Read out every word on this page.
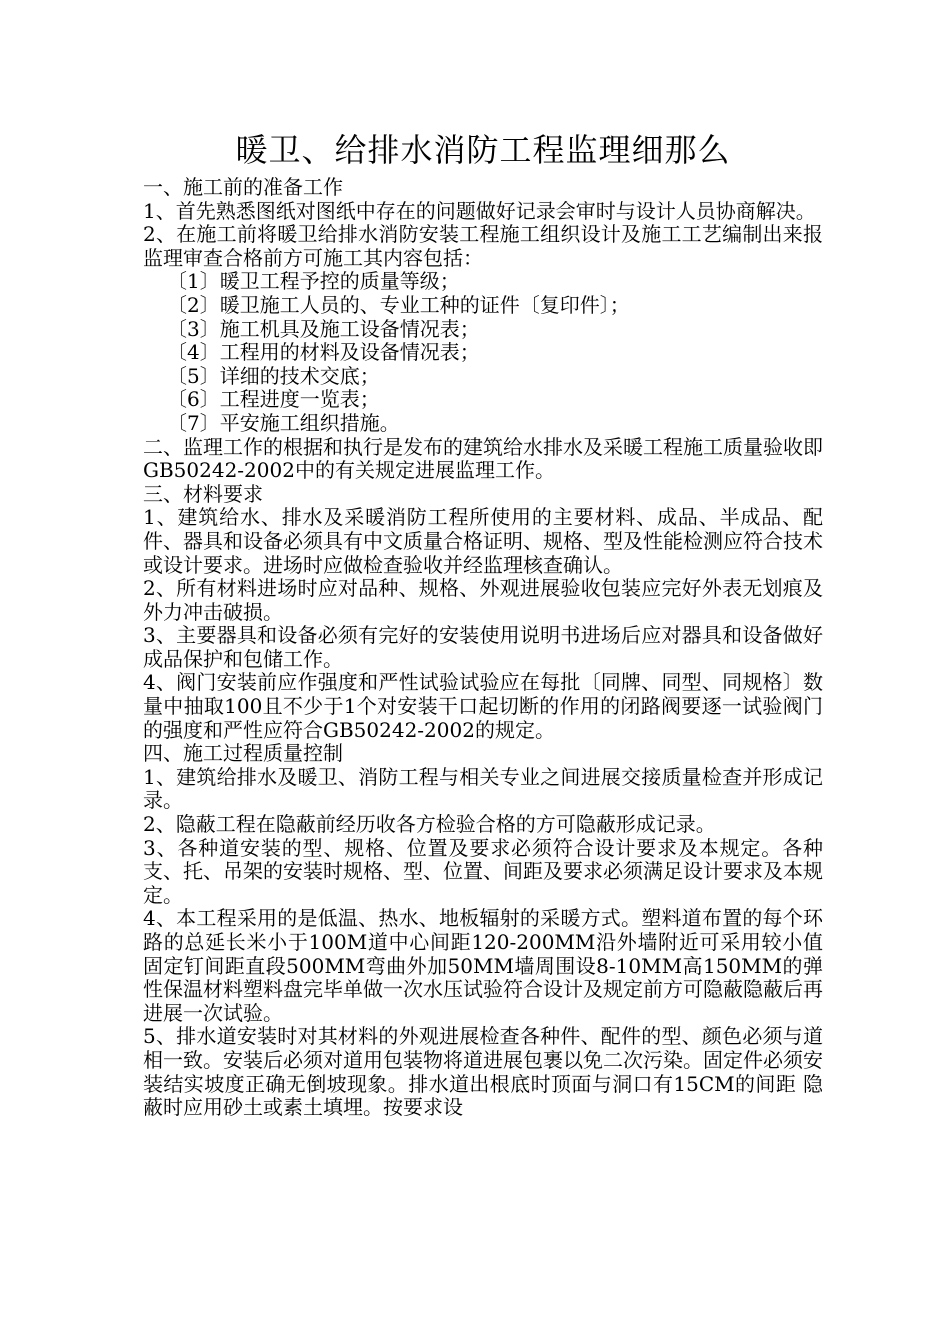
暖卫、给排水消防工程监理细那么

一、施工前的准备工作

1、首先熟悉图纸对图纸中存在的问题做好记录会审时与设计人员协商解决。

2、在施工前将暖卫给排水消防安装工程施工组织设计及施工工艺编制出来报监理审查合格前方可施工其内容包括：

〔1〕暖卫工程予控的质量等级；

〔2〕暖卫施工人员的、专业工种的证件〔复印件〕；

〔3〕施工机具及施工设备情况表；

〔4〕工程用的材料及设备情况表；

〔5〕详细的技术交底；

〔6〕工程进度一览表；

〔7〕平安施工组织措施。

二、监理工作的根据和执行是发布的建筑给水排水及采暖工程施工质量验收即GB50242-2002中的有关规定进展监理工作。

三、材料要求

1、建筑给水、排水及采暖消防工程所使用的主要材料、成品、半成品、配件、器具和设备必须具有中文质量合格证明、规格、型及性能检测应符合技术或设计要求。进场时应做检查验收并经监理核查确认。

2、所有材料进场时应对品种、规格、外观进展验收包装应完好外表无划痕及外力冲击破损。

3、主要器具和设备必须有完好的安装使用说明书进场后应对器具和设备做好成品保护和包储工作。

4、阀门安装前应作强度和严性试验试验应在每批〔同牌、同型、同规格〕数量中抽取100且不少于1个对安装干口起切断的作用的闭路阀要逐一试验阀门的强度和严性应符合GB50242-2002的规定。

四、施工过程质量控制

1、建筑给排水及暖卫、消防工程与相关专业之间进展交接质量检查并形成记录。

2、隐蔽工程在隐蔽前经历收各方检验合格的方可隐蔽形成记录。

3、各种道安装的型、规格、位置及要求必须符合设计要求及本规定。各种支、托、吊架的安装时规格、型、位置、间距及要求必须满足设计要求及本规定。

4、本工程采用的是低温、热水、地板辐射的采暖方式。塑料道布置的每个环路的总延长米小于100M道中心间距120-200MM沿外墙附近可采用较小值固定钉间距直段500MM弯曲外加50MM墙周围设8-10MM高150MM的弹性保温材料塑料盘完毕单做一次水压试验符合设计及规定前方可隐蔽隐蔽后再进展一次试验。

5、排水道安装时对其材料的外观进展检查各种件、配件的型、颜色必须与道相一致。安装后必须对道用包装物将道进展包裹以免二次污染。固定件必须安装结实坡度正确无倒坡现象。排水道出根底时顶面与洞口有15CM的间距 隐蔽时应用砂土或素土填埋。按要求设
